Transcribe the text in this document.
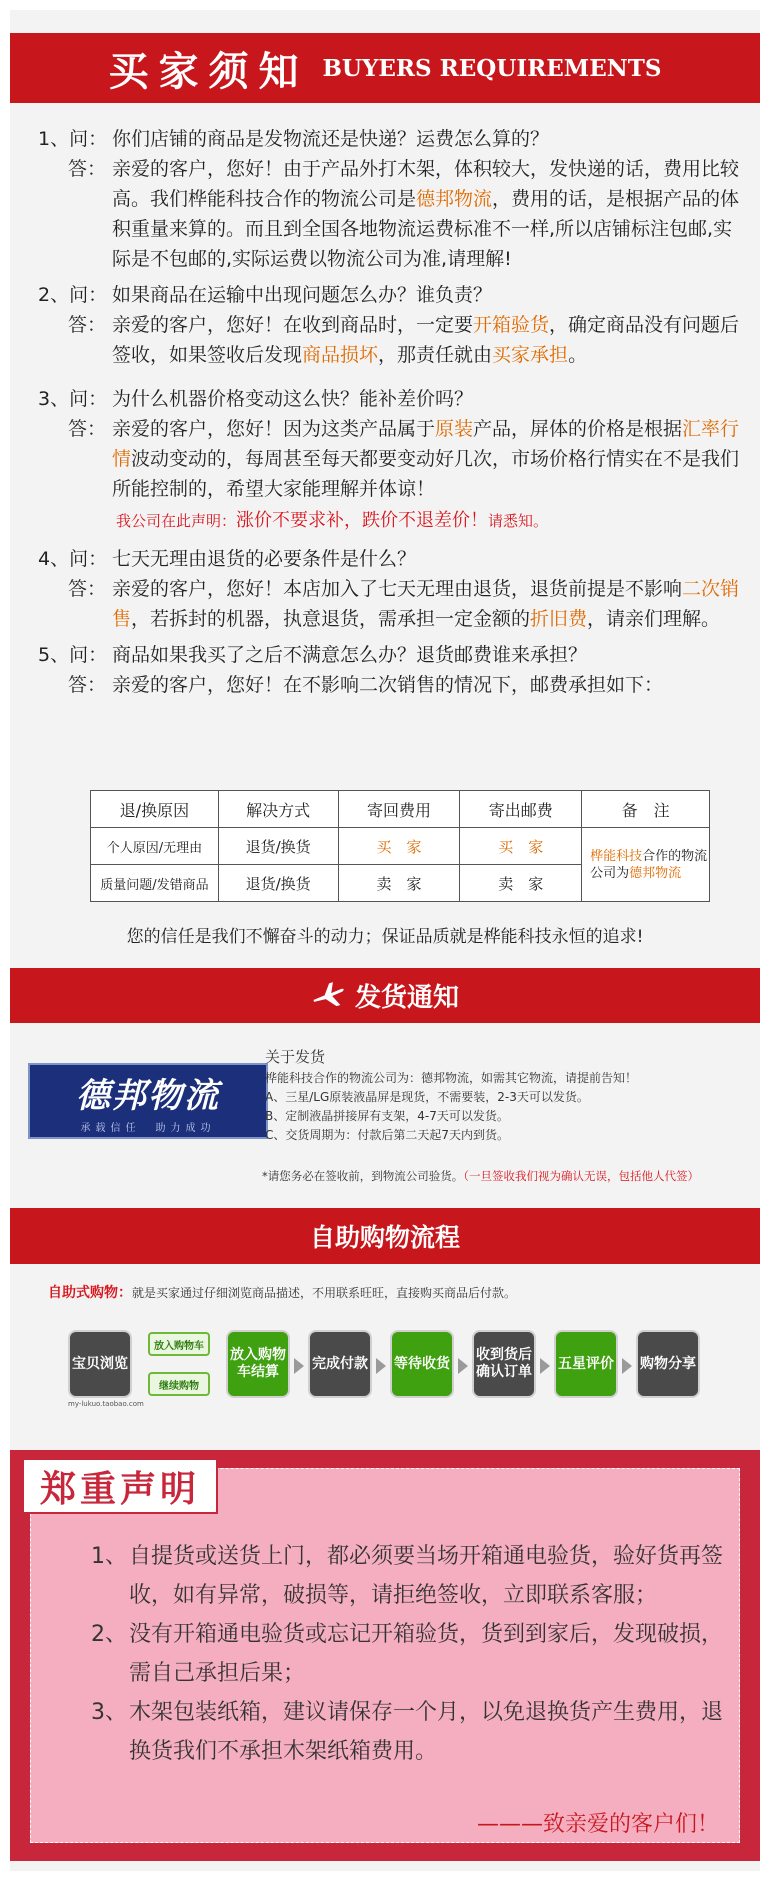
买家须知 BUYERS REQUIREMENTS
1、问： 你们店铺的商品是发物流还是快递？运费怎么算的？
答： 亲爱的客户，您好！由于产品外打木架，体积较大，发快递的话，费用比较高。我们桦能科技合作的物流公司是德邦物流，费用的话，是根据产品的体积重量来算的。而且到全国各地物流运费标准不一样,所以店铺标注包邮,实际是不包邮的,实际运费以物流公司为准,请理解!
2、问： 如果商品在运输中出现问题怎么办？谁负责？
答： 亲爱的客户，您好！在收到商品时，一定要开箱验货，确定商品没有问题后签收，如果签收后发现商品损坏，那责任就由买家承担。
3、问： 为什么机器价格变动这么快？能补差价吗？
答： 亲爱的客户，您好！因为这类产品属于原装产品，屏体的价格是根据汇率行情波动变动的，每周甚至每天都要变动好几次，市场价格行情实在不是我们所能控制的，希望大家能理解并体谅！
我公司在此声明：涨价不要求补，跌价不退差价！请悉知。
4、问： 七天无理由退货的必要条件是什么？
答： 亲爱的客户，您好！本店加入了七天无理由退货，退货前提是不影响二次销售，若拆封的机器，执意退货，需承担一定金额的折旧费，请亲们理解。
5、问： 商品如果我买了之后不满意怎么办？退货邮费谁来承担？
答： 亲爱的客户，您好！在不影响二次销售的情况下，邮费承担如下：
退/换原因	解决方式	寄回费用	寄出邮费	备　注
个人原因/无理由	退货/换货	买　家	买　家	桦能科技合作的物流公司为德邦物流
质量问题/发错商品	退货/换货	卖　家	卖　家	
您的信任是我们不懈奋斗的动力；保证品质就是桦能科技永恒的追求!
发货通知
德邦物流
承载信任　助力成功
关于发货
桦能科技合作的物流公司为：德邦物流，如需其它物流，请提前告知！
A、三星/LG原装液晶屏是现货，不需要装，2-3天可以发货。
B、定制液晶拼接屏有支架，4-7天可以发货。
C、交货周期为：付款后第二天起7天内到货。
*请您务必在签收前，到物流公司验货。（一旦签收我们视为确认无误，包括他人代签）
自助购物流程
自助式购物：就是买家通过仔细浏览商品描述，不用联系旺旺，直接购买商品后付款。
宝贝浏览
放入购物车
继续购物
my-lukuo.taobao.com
放入购物车结算
完成付款 等待收货
收到货后确认订单
五星评价 购物分享
1、 自提货或送货上门，都必须要当场开箱通电验货，验好货再签收，如有异常，破损等，请拒绝签收，立即联系客服；
2、 没有开箱通电验货或忘记开箱验货，货到到家后，发现破损，需自己承担后果；
3、 木架包装纸箱，建议请保存一个月，以免退换货产生费用，退换货我们不承担木架纸箱费用。
———致亲爱的客户们！
郑重声明
